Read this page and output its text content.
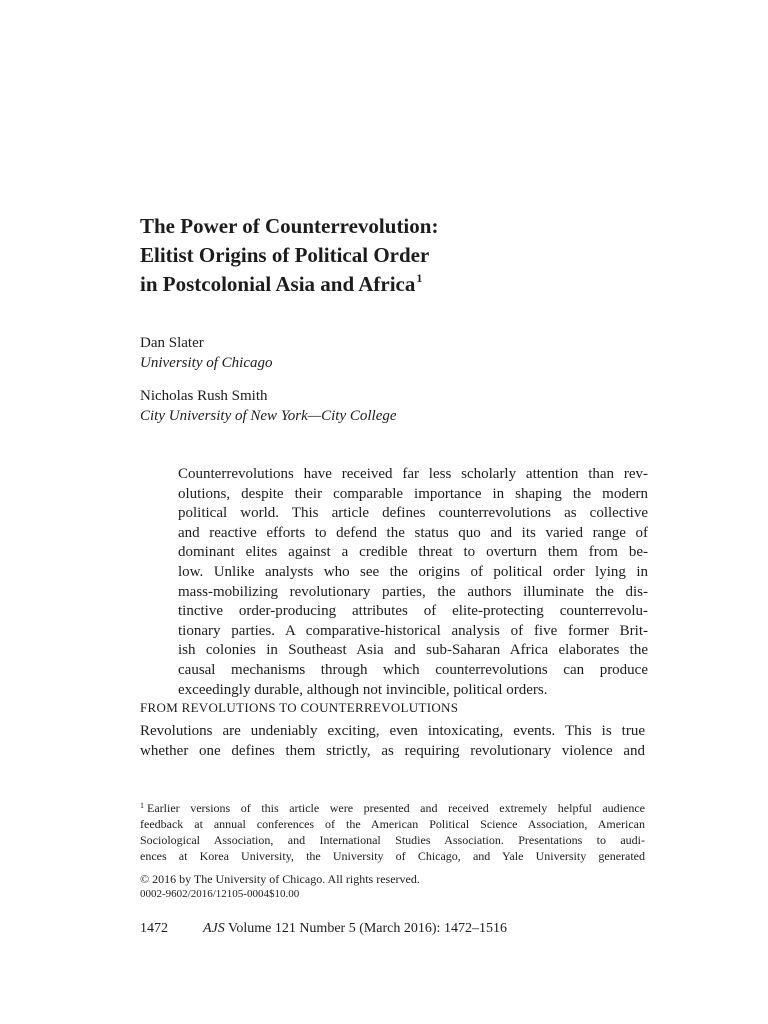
The Power of Counterrevolution:
Elitist Origins of Political Order
in Postcolonial Asia and Africa$^1$
Dan Slater
University of Chicago
Nicholas Rush Smith
City University of New York—City College
Counterrevolutions have received far less scholarly attention than rev-
olutions, despite their comparable importance in shaping the modern
political world. This article defines counterrevolutions as collective
and reactive efforts to defend the status quo and its varied range of
dominant elites against a credible threat to overturn them from be-
low. Unlike analysts who see the origins of political order lying in
mass-mobilizing revolutionary parties, the authors illuminate the dis-
tinctive order-producing attributes of elite-protecting counterrevolu-
tionary parties. A comparative-historical analysis of five former Brit-
ish colonies in Southeast Asia and sub-Saharan Africa elaborates the
causal mechanisms through which counterrevolutions can produce
exceedingly durable, although not invincible, political orders.
FROM REVOLUTIONS TO COUNTERREVOLUTIONS
Revolutions are undeniably exciting, even intoxicating, events. This is true
whether one defines them strictly, as requiring revolutionary violence and
$^1$ Earlier versions of this article were presented and received extremely helpful audience
feedback at annual conferences of the American Political Science Association, American
Sociological Association, and International Studies Association. Presentations to audi-
ences at Korea University, the University of Chicago, and Yale University generated
© 2016 by The University of Chicago. All rights reserved.
0002-9602/2016/12105-0004$10.00
1472	AJS Volume 121 Number 5 (March 2016): 1472–1516
